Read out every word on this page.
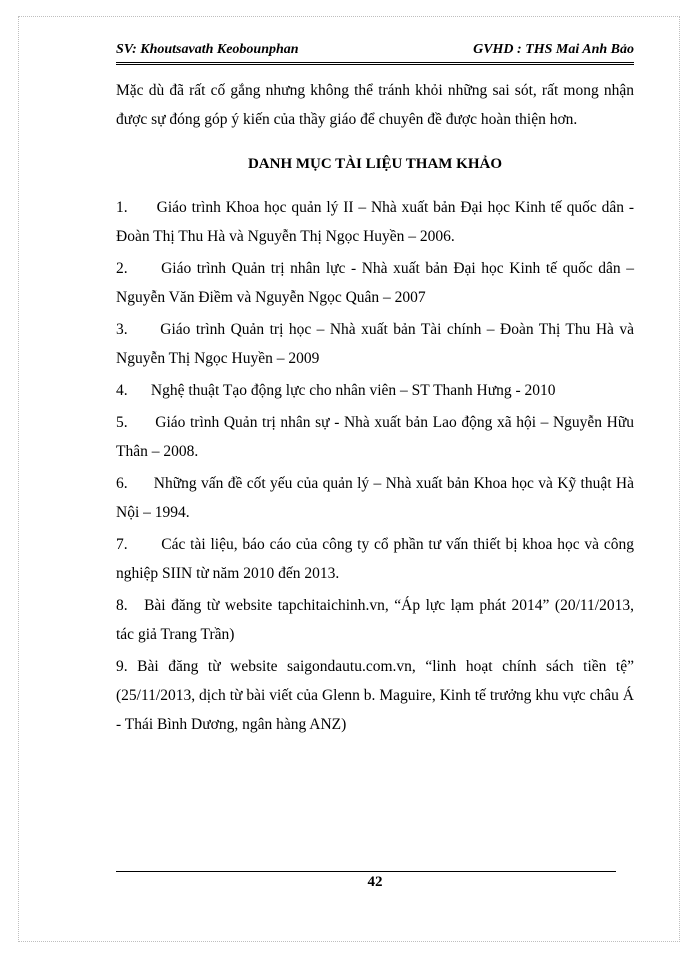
SV: Khoutsavath Keobounphan	GVHD : THS Mai Anh Bảo

Mặc dù đã rất cố gắng nhưng không thể tránh khỏi những sai sót, rất mong nhận được sự đóng góp ý kiến của thầy giáo để chuyên đề được hoàn thiện hơn.

DANH MỤC TÀI LIỆU THAM KHẢO
1.      Giáo trình Khoa học quản lý II – Nhà xuất bản Đại học Kinh tế quốc dân - Đoàn Thị Thu Hà và Nguyễn Thị Ngọc Huyền – 2006.
2.      Giáo trình Quản trị nhân lực - Nhà xuất bản Đại học Kinh tế quốc dân – Nguyễn Văn Điềm và Nguyễn Ngọc Quân – 2007
3.      Giáo trình Quản trị học – Nhà xuất bản Tài chính – Đoàn Thị Thu Hà và Nguyễn Thị Ngọc Huyền – 2009
4.      Nghệ thuật Tạo động lực cho nhân viên – ST Thanh Hưng - 2010
5.      Giáo trình Quản trị nhân sự - Nhà xuất bản Lao động xã hội – Nguyễn Hữu Thân – 2008.
6.      Những vấn đề cốt yếu của quản lý – Nhà xuất bản Khoa học và Kỹ thuật Hà Nội – 1994.
7.       Các tài liệu, báo cáo của công ty cổ phần tư vấn thiết bị khoa học và công nghiệp SIIN từ năm 2010 đến 2013.
8.   Bài đăng từ website tapchitaichinh.vn, “Áp lực lạm phát 2014” (20/11/2013, tác giả Trang Trần)
9. Bài đăng từ website saigondautu.com.vn, “linh hoạt chính sách tiền tệ” (25/11/2013, dịch từ bài viết của Glenn b. Maguire, Kinh tế trưởng khu vực châu Á - Thái Bình Dương, ngân hàng ANZ)
42
